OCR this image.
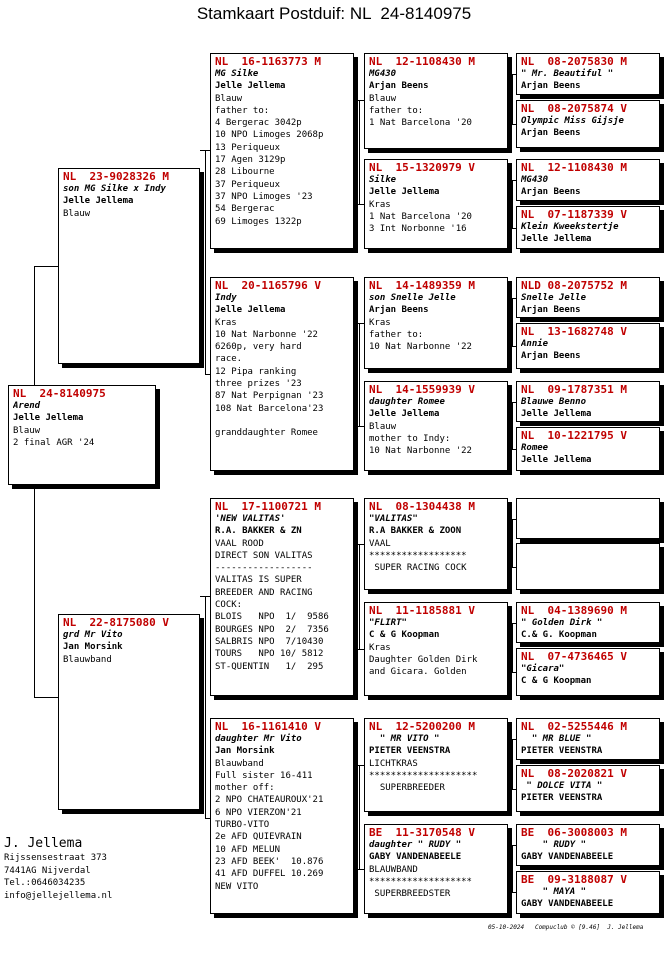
Stamkaart Postduif: NL  24-8140975
NL  24-8140975
Arend
Jelle Jellema
Blauw
2 final AGR '24
NL  23-9028326 M
son MG Silke x Indy
Jelle Jellema
Blauw
NL  22-8175080 V
grd Mr Vito
Jan Morsink
Blauwband
NL  16-1163773 M
MG Silke
Jelle Jellema
Blauw
father to:
4 Bergerac 3042p
10 NPO Limoges 2068p
13 Periqueux
17 Agen 3129p
28 Libourne
37 Periqueux
37 NPO Limoges '23
54 Bergerac
69 Limoges 1322p
NL  20-1165796 V
Indy
Jelle Jellema
Kras
10 Nat Narbonne '22
6260p, very hard
race.
12 Pipa ranking
three prizes '23
87 Nat Perpignan '23
108 Nat Barcelona'23

granddaughter Romee
NL  17-1100721 M
'NEW VALITAS'
R.A. BAKKER & ZN
VAAL ROOD
DIRECT SON VALITAS
------------------
VALITAS IS SUPER
BREEDER AND RACING
COCK:
BLOIS   NPO  1/  9586
BOURGES NPO  2/  7356
SALBRIS NPO  7/10430
TOURS   NPO 10/ 5812
ST-QUENTIN   1/  295
NL  16-1161410 V
daughter Mr Vito
Jan Morsink
Blauwband
Full sister 16-411
mother off:
2 NPO CHATEAUROUX'21
6 NPO VIERZON'21
TURBO-VITO
2e AFD QUIEVRAIN
10 AFD MELUN
23 AFD BEEK'  10.876
41 AFD DUFFEL 10.269
NEW VITO
NL  12-1108430 M
MG430
Arjan Beens
Blauw
father to:
1 Nat Barcelona '20
NL  15-1320979 V
Silke
Jelle Jellema
Kras
1 Nat Barcelona '20
3 Int Norbonne '16
NL  14-1489359 M
son Snelle Jelle
Arjan Beens
Kras
father to:
10 Nat Narbonne '22
NL  14-1559939 V
daughter Romee
Jelle Jellema
Blauw
mother to Indy:
10 Nat Narbonne '22
NL  08-1304438 M
"VALITAS"
R.A BAKKER & ZOON
VAAL
******************
SUPER RACING COCK
NL  11-1185881 V
"FLIRT"
C & G Koopman
Kras
Daughter Golden Dirk
and Gicara. Golden
NL  12-5200200 M
" MR VITO "
PIETER VEENSTRA
LICHTKRAS
********************
SUPERBREEDER
BE  11-3170548 V
daughter " RUDY "
GABY VANDENABEELE
BLAUWBAND
*******************
SUPERBREEDSTER
NL  08-2075830 M
" Mr. Beautiful "
Arjan Beens
NL  08-2075874 V
Olympic Miss Gijsje
Arjan Beens
NL  12-1108430 M
MG430
Arjan Beens
NL  07-1187339 V
Klein Kweekstertje
Jelle Jellema
NLD 08-2075752 M
Snelle Jelle
Arjan Beens
NL  13-1682748 V
Annie
Arjan Beens
NL  09-1787351 M
Blauwe Benno
Jelle Jellema
NL  10-1221795 V
Romee
Jelle Jellema
NL  04-1389690 M
" Golden Dirk "
C.& G. Koopman
NL  07-4736465 V
"Gicara"
C & G Koopman
NL  02-5255446 M
" MR BLUE "
PIETER VEENSTRA
NL  08-2020821 V
" DOLCE VITA "
PIETER VEENSTRA
BE  06-3008003 M
" RUDY "
GABY VANDENABEELE
BE  09-3188087 V
" MAYA "
GABY VANDENABEELE
J. Jellema
Rijssensestraat 373
7441AG Nijverdal
Tel.:0646034235
info@jellejellema.nl
05-10-2024   Compuclub © [9.46]  J. Jellema
